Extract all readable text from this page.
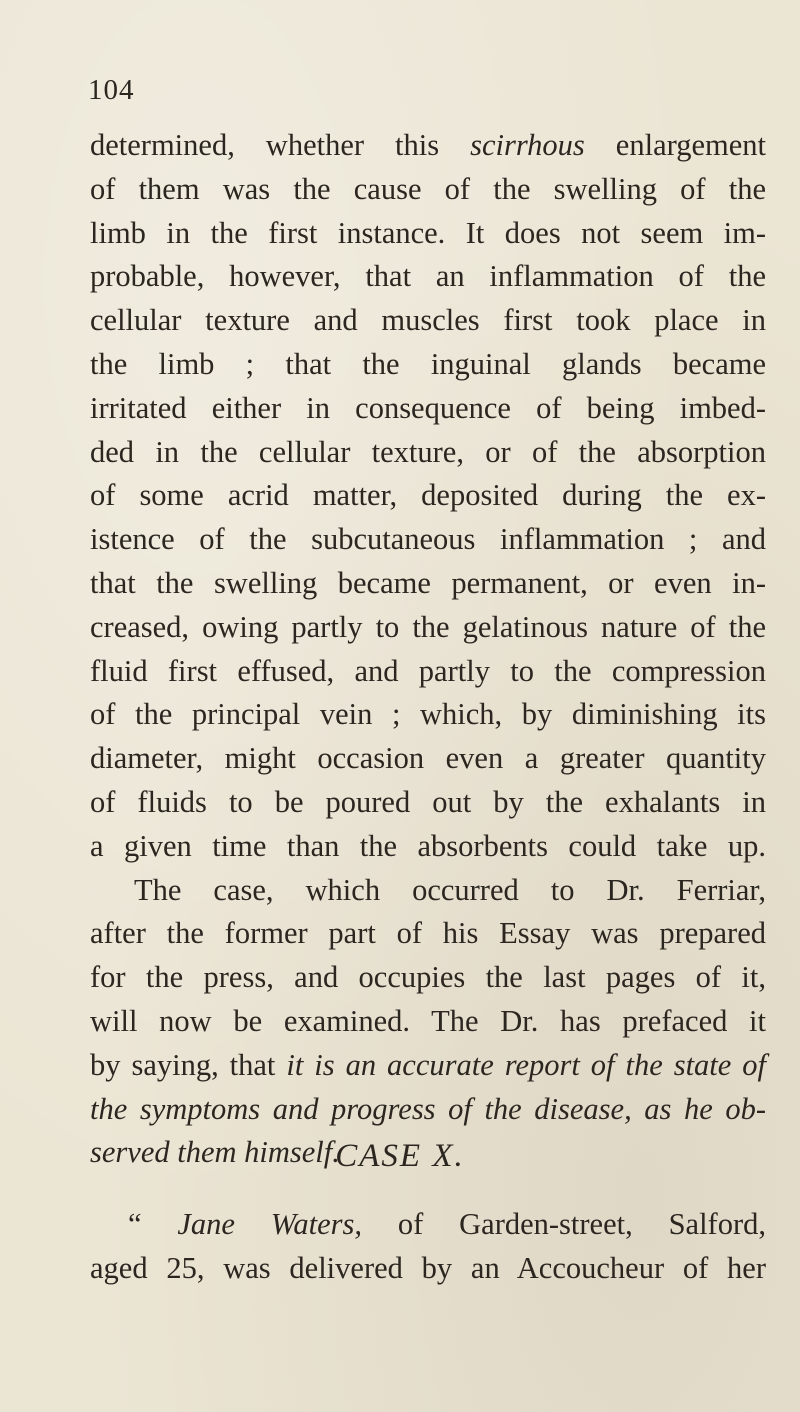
104
determined, whether this scirrhous enlargement
of them was the cause of the swelling of the
limb in the first instance. It does not seem im-
probable, however, that an inflammation of the
cellular texture and muscles first took place in
the limb ; that the inguinal glands became
irritated either in consequence of being imbed-
ded in the cellular texture, or of the absorption
of some acrid matter, deposited during the ex-
istence of the subcutaneous inflammation ; and
that the swelling became permanent, or even in-
creased, owing partly to the gelatinous nature of the
fluid first effused, and partly to the compression
of the principal vein ; which, by diminishing its
diameter, might occasion even a greater quantity
of fluids to be poured out by the exhalants in
a given time than the absorbents could take up.
The case, which occurred to Dr. Ferriar,
after the former part of his Essay was prepared
for the press, and occupies the last pages of it,
will now be examined. The Dr. has prefaced it
by saying, that it is an accurate report of the state of
the symptoms and progress of the disease, as he ob-
served them himself.
CASE X.
“ Jane Waters, of Garden-street, Salford,
aged 25, was delivered by an Accoucheur of her
